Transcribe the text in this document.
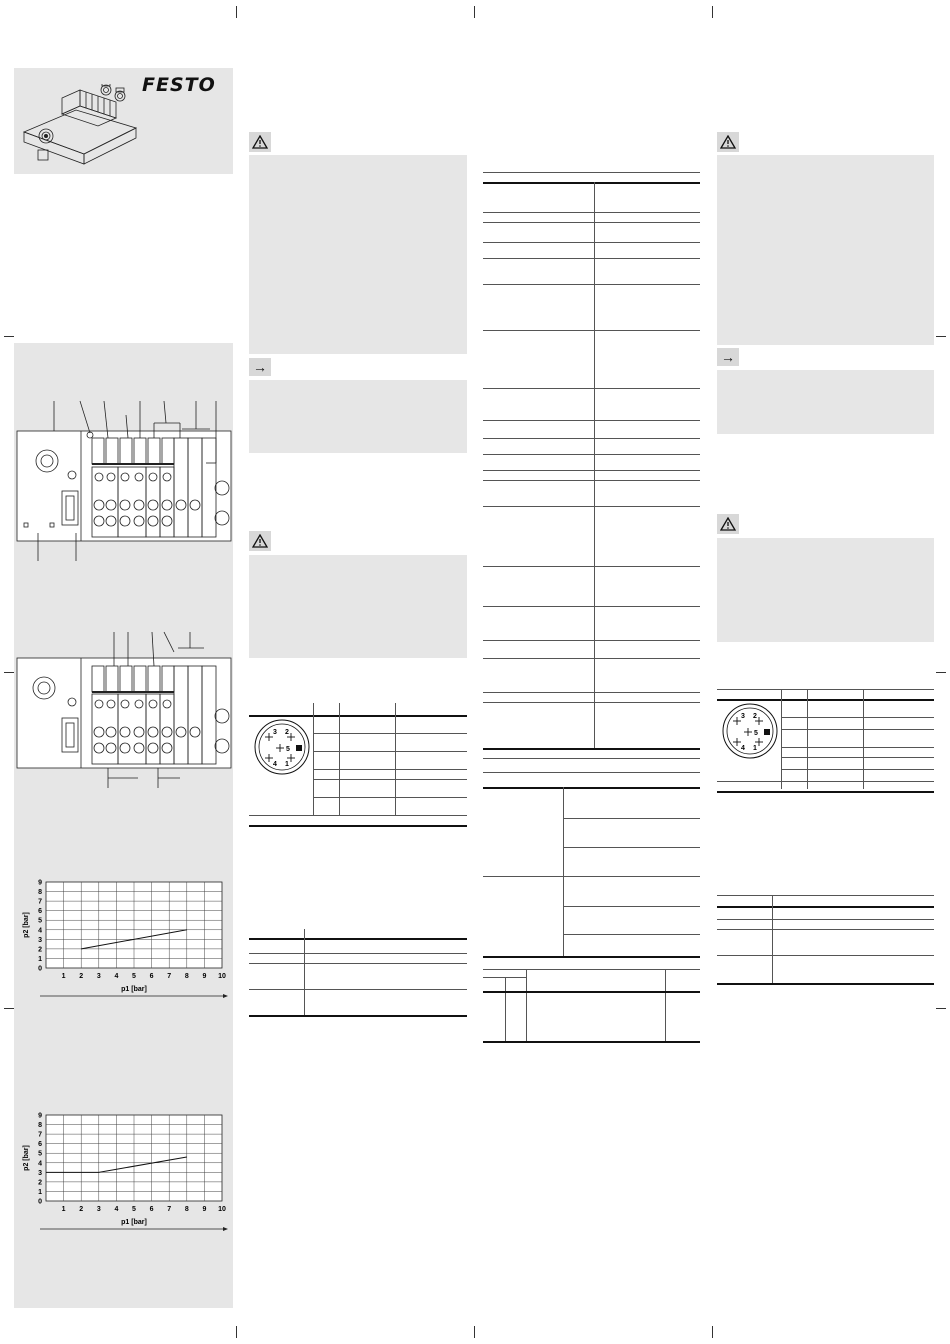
FESTO
1 2 3 4 5 6 7 8 9 10
0
1
2
3
4
5
6
7
8
9
p1 [bar]
p2 [bar]
1 2 3 4 5 6 7 8 9 10
0
1
2
3
4
5
6
7
8
9
p1 [bar]
p2 [bar]
→
3 2
5
4 1
→
3 2
5
4 1
